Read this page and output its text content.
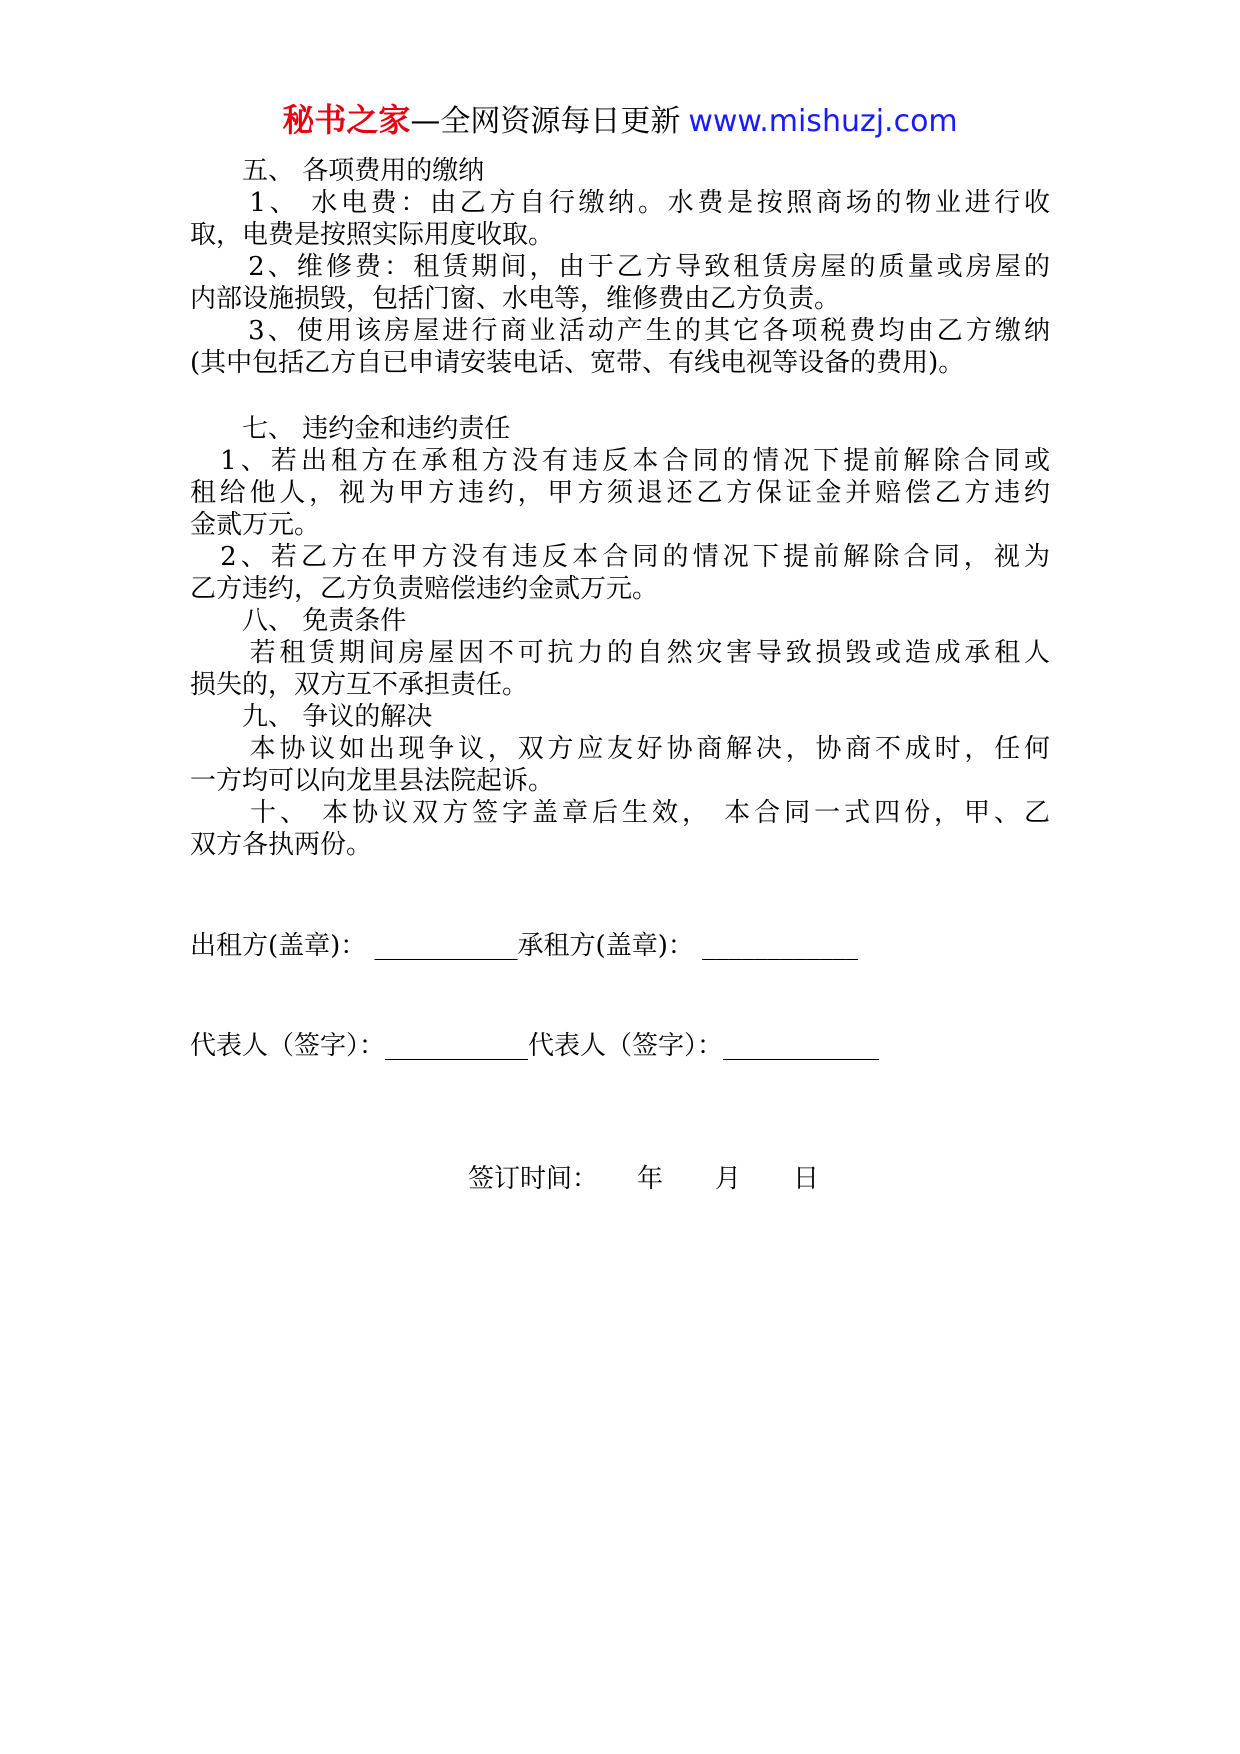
秘书之家—全网资源每日更新 www.mishuzj.com
　　五、 各项费用的缴纳
　　1、 水电费：由乙方自行缴纳。水费是按照商场的物业进行收
取，电费是按照实际用度收取。
　　2、维修费：租赁期间，由于乙方导致租赁房屋的质量或房屋的
内部设施损毁，包括门窗、水电等，维修费由乙方负责。
　　3、使用该房屋进行商业活动产生的其它各项税费均由乙方缴纳
(其中包括乙方自已申请安装电话、宽带、有线电视等设备的费用)。
　　七、 违约金和违约责任
　1、若出租方在承租方没有违反本合同的情况下提前解除合同或
租给他人，视为甲方违约，甲方须退还乙方保证金并赔偿乙方违约
金贰万元。
　2、若乙方在甲方没有违反本合同的情况下提前解除合同，视为
乙方违约，乙方负责赔偿违约金贰万元。
　　八、 免责条件
　　若租赁期间房屋因不可抗力的自然灾害导致损毁或造成承租人
损失的，双方互不承担责任。
　　九、 争议的解决
　　本协议如出现争议，双方应友好协商解决，协商不成时，任何
一方均可以向龙里县法院起诉。
　　十、 本协议双方签字盖章后生效， 本合同一式四份，甲、乙
双方各执两份。
出租方(盖章)： ___________承租方(盖章)： ____________
代表人（签字）：___________代表人（签字）：____________
签订时间：　　年　　月　　日
